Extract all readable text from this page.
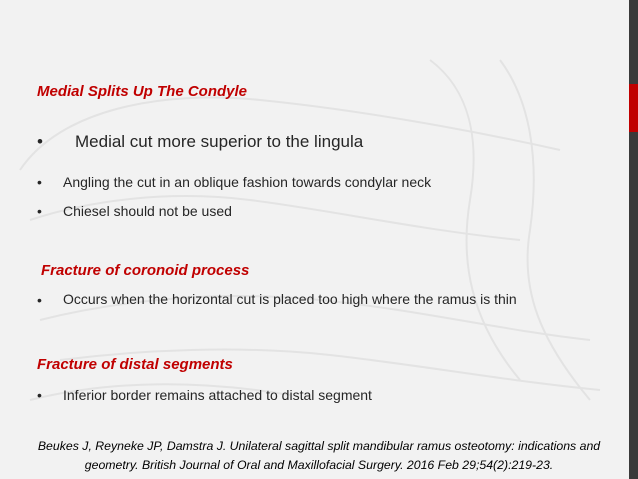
Medial Splits Up The Condyle
•	Medial cut more superior to the lingula
•	Angling the cut in an oblique fashion towards condylar neck
•	Chiesel should not be used
Fracture of coronoid process
•	Occurs when the horizontal cut is placed too high where the ramus is thin
Fracture of distal segments
•	Inferior border remains attached to distal segment
Beukes J, Reyneke JP, Damstra J. Unilateral sagittal split mandibular ramus osteotomy: indications and
geometry. British Journal of Oral and Maxillofacial Surgery. 2016 Feb 29;54(2):219-23.
